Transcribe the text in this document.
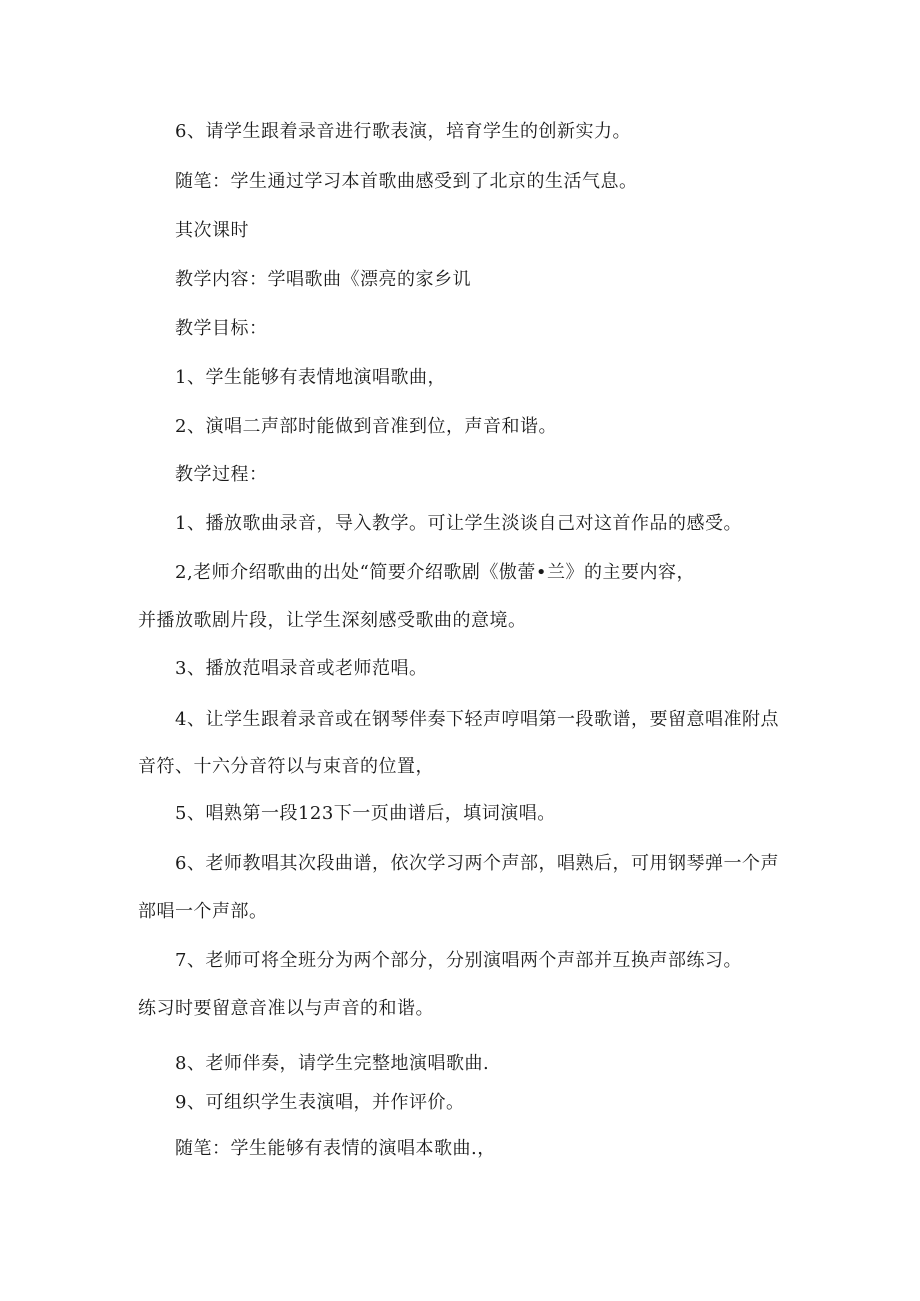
6、请学生跟着录音进行歌表演，培育学生的创新实力。
随笔：学生通过学习本首歌曲感受到了北京的生活气息。
其次课时
教学内容：学唱歌曲《漂亮的家乡讥
教学目标：
1、学生能够有表情地演唱歌曲，
2、演唱二声部时能做到音准到位，声音和谐。
教学过程：
1、播放歌曲录音，导入教学。可让学生淡谈自己对这首作品的感受。
2,老师介绍歌曲的出处“简要介绍歌剧《傲蕾•兰》的主要内容，
并播放歌剧片段，让学生深刻感受歌曲的意境。
3、播放范唱录音或老师范唱。
4、让学生跟着录音或在钢琴伴奏下轻声哼唱第一段歌谱，要留意唱准附点
音符、十六分音符以与束音的位置，
5、唱熟第一段123下一页曲谱后，填词演唱。
6、老师教唱其次段曲谱，依次学习两个声部，唱熟后，可用钢琴弹一个声
部唱一个声部。
7、老师可将全班分为两个部分，分别演唱两个声部并互换声部练习。
练习时要留意音准以与声音的和谐。
8、老师伴奏，请学生完整地演唱歌曲.
9、可组织学生表演唱，并作评价。
随笔：学生能够有表情的演唱本歌曲.，
